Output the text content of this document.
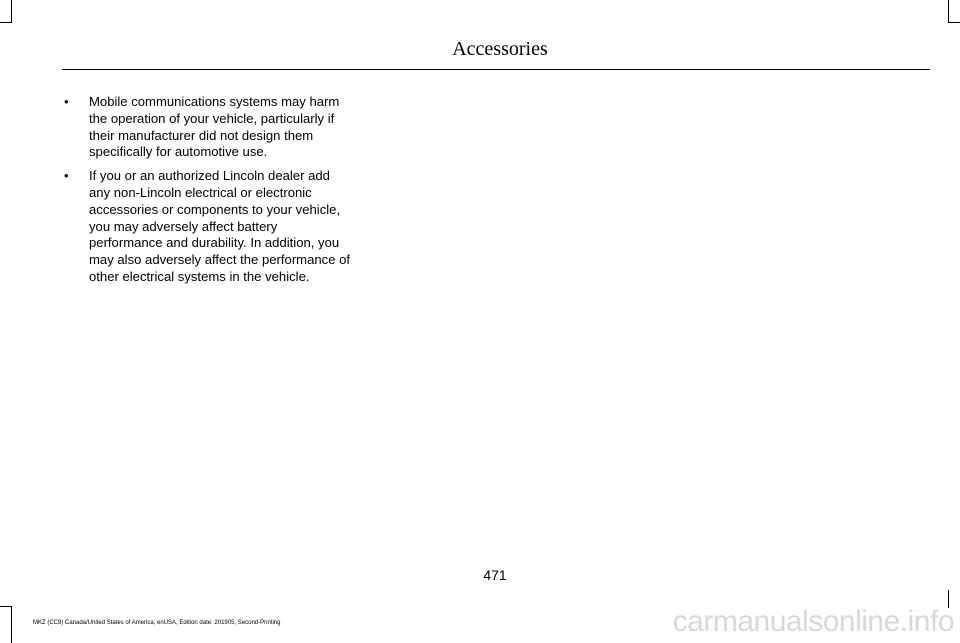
Accessories
• Mobile communications systems may harm the operation of your vehicle, particularly if their manufacturer did not design them specifically for automotive use.
• If you or an authorized Lincoln dealer add any non-Lincoln electrical or electronic accessories or components to your vehicle, you may adversely affect battery performance and durability. In addition, you may also adversely affect the performance of other electrical systems in the vehicle.
471
MKZ (CC9) Canada/United States of America, enUSA, Edition date: 201905, Second-Printing	carmanualsonline.info
